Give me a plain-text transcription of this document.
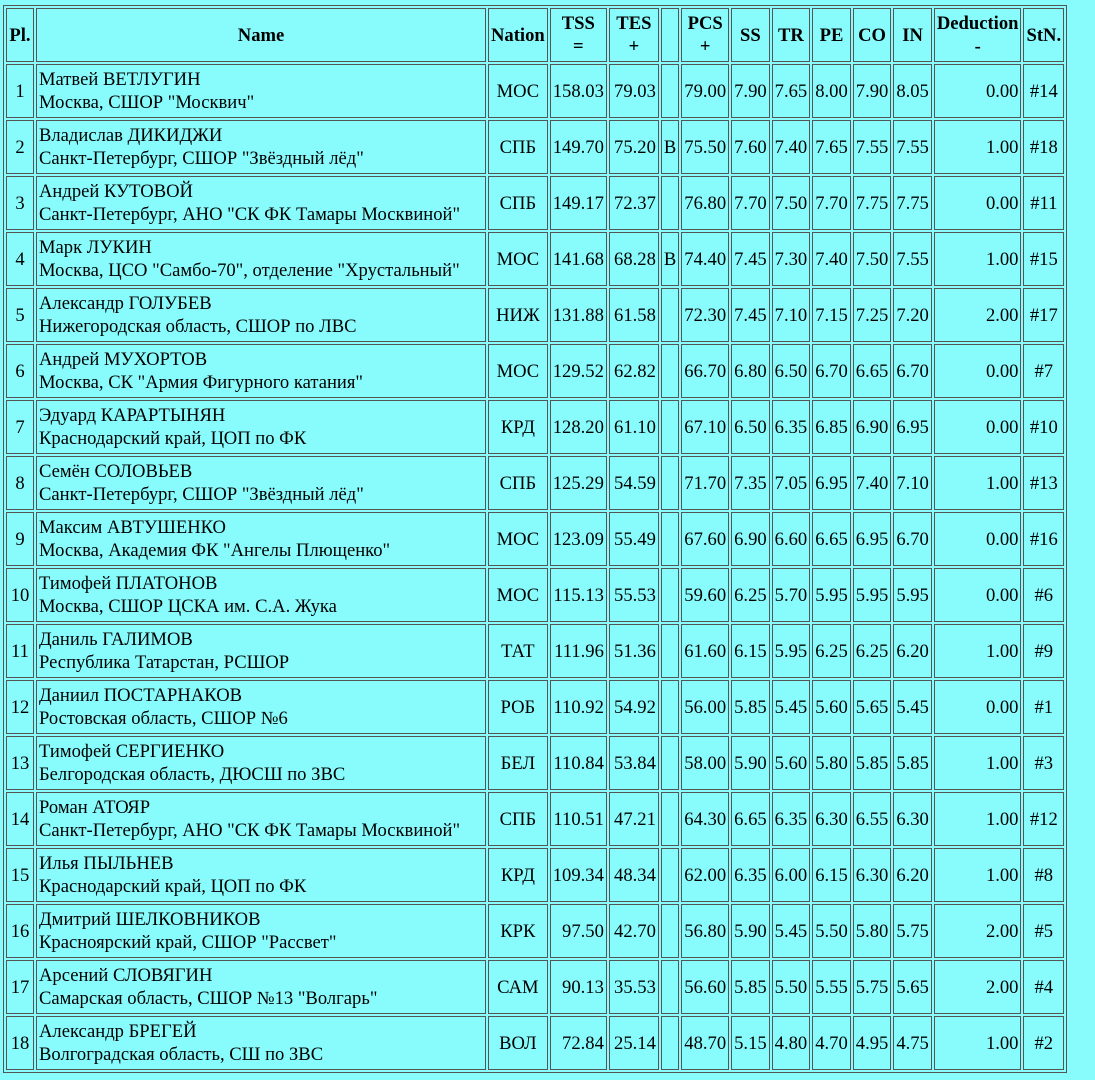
Pl.	Name	Nation	TSS
=	TES
+		PCS
+	SS	TR	PE	CO	IN	Deduction
-	StN.
1	Матвей ВЕТЛУГИН
Москва, СШОР "Москвич"	МОС	158.03	79.03		79.00	7.90	7.65	8.00	7.90	8.05	0.00	#14
2	Владислав ДИКИДЖИ
Санкт-Петербург, СШОР "Звёздный лёд"	СПБ	149.70	75.20	B	75.50	7.60	7.40	7.65	7.55	7.55	1.00	#18
3	Андрей КУТОВОЙ
Санкт-Петербург, АНО "СК ФК Тамары Москвиной"	СПБ	149.17	72.37		76.80	7.70	7.50	7.70	7.75	7.75	0.00	#11
4	Марк ЛУКИН
Москва, ЦСО "Самбо-70", отделение "Хрустальный"	МОС	141.68	68.28	B	74.40	7.45	7.30	7.40	7.50	7.55	1.00	#15
5	Александр ГОЛУБЕВ
Нижегородская область, СШОР по ЛВС	НИЖ	131.88	61.58		72.30	7.45	7.10	7.15	7.25	7.20	2.00	#17
6	Андрей МУХОРТОВ
Москва, СК "Армия Фигурного катания"	МОС	129.52	62.82		66.70	6.80	6.50	6.70	6.65	6.70	0.00	#7
7	Эдуард КАРАРТЫНЯН
Краснодарский край, ЦОП по ФК	КРД	128.20	61.10		67.10	6.50	6.35	6.85	6.90	6.95	0.00	#10
8	Семён СОЛОВЬЕВ
Санкт-Петербург, СШОР "Звёздный лёд"	СПБ	125.29	54.59		71.70	7.35	7.05	6.95	7.40	7.10	1.00	#13
9	Максим АВТУШЕНКО
Москва, Академия ФК "Ангелы Плющенко"	МОС	123.09	55.49		67.60	6.90	6.60	6.65	6.95	6.70	0.00	#16
10	Тимофей ПЛАТОНОВ
Москва, СШОР ЦСКА им. С.А. Жука	МОС	115.13	55.53		59.60	6.25	5.70	5.95	5.95	5.95	0.00	#6
11	Даниль ГАЛИМОВ
Республика Татарстан, РСШОР	ТАТ	111.96	51.36		61.60	6.15	5.95	6.25	6.25	6.20	1.00	#9
12	Даниил ПОСТАРНАКОВ
Ростовская область, СШОР №6	РОБ	110.92	54.92		56.00	5.85	5.45	5.60	5.65	5.45	0.00	#1
13	Тимофей СЕРГИЕНКО
Белгородская область, ДЮСШ по ЗВС	БЕЛ	110.84	53.84		58.00	5.90	5.60	5.80	5.85	5.85	1.00	#3
14	Роман АТОЯР
Санкт-Петербург, АНО "СК ФК Тамары Москвиной"	СПБ	110.51	47.21		64.30	6.65	6.35	6.30	6.55	6.30	1.00	#12
15	Илья ПЫЛЬНЕВ
Краснодарский край, ЦОП по ФК	КРД	109.34	48.34		62.00	6.35	6.00	6.15	6.30	6.20	1.00	#8
16	Дмитрий ШЕЛКОВНИКОВ
Красноярский край, СШОР "Рассвет"	КРК	97.50	42.70		56.80	5.90	5.45	5.50	5.80	5.75	2.00	#5
17	Арсений СЛОВЯГИН
Самарская область, СШОР №13 "Волгарь"	САМ	90.13	35.53		56.60	5.85	5.50	5.55	5.75	5.65	2.00	#4
18	Александр БРЕГЕЙ
Волгоградская область, СШ по ЗВС	ВОЛ	72.84	25.14		48.70	5.15	4.80	4.70	4.95	4.75	1.00	#2
